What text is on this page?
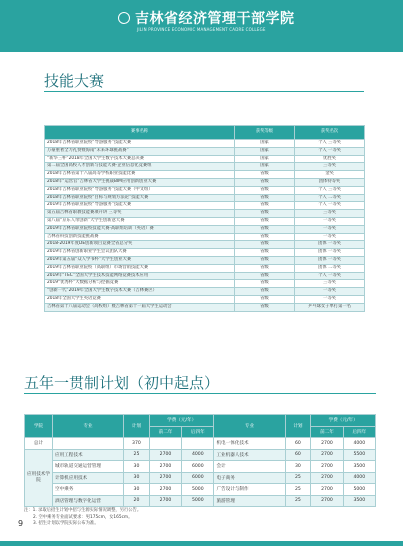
吉林省经济管理干部学院
JILIN PROVINCE ECONOMIC MANAGEMENT CADRE COLLEGE
技能大赛
赛事名称	获奖等级	获奖名次
2018年吉林省职业院校“导游服务”技能大赛	国家	个人 三等奖
万豪重奢全力礼赞暨海南“未来环球挑战赛”	国家	个人 一等奖
“新华三杯”2018年全国大学生数字技术大赛总决赛	国家	优胜奖
第二届全国高校人才创新与技能大赛·企业信息化竞赛组	国家	三等奖
2018年吉林省第十八届高等学校职业技能比赛	省级	金奖
2018年“运营官”吉林省大学生挑战BIM应用创新创业大赛	省级	团体特等奖
2018年吉林省职业院校“导游服务”技能大赛（中文组）	省级	个人 三等奖
2018年吉林省职业院校“目标与规划方法论”技能大赛	省级	个人 二等奖
2019年吉林省职业院校“导游服务”技能大赛	省级	个人 一等奖
第五届吉林省职教技能赛项开讲 三等奖	省级	三等奖
第八届“京东人带创新”大学生创新意大赛	省级	一等奖
2019年吉林省职业院校技能大赛·高职组培训（英语）赛	省级	一等奖
吉林省科技创新技能挑战赛	省级	一等奖
2018-2019年度DE创新项目竞赛全省总分奖	省级	团体 一等奖
2019年吉林省创新职业学生会议团队大赛	省级	团体 一等奖
2019年第五届“众人学书杯”大学生创业大赛	省级	团体 一等奖
2019年吉林省职业院校（高职组）市场营销技能大赛	省级	团体 二等奖
2019年“TEC”全国大学生技术技能网络竞赛技术应用	省级	个人 一等奖
2019“优秀杯”大数据分析与挖掘竞赛	省级	三等奖
“创新一代”2019年全国大学生数字技术大赛（吉林赛区）	省级	一等奖
2018年全国大学生英语竞赛	省级	一等奖
吉林省第十八届运动会（高校组）暨吉林省第十一届大学生运动会	省级	乒乓球女子单打第一名
五年一贯制计划（初中起点）
学院	专业	计划	学费（元/年）		专业	计划	学费（元/年）	
			前二年	后四年			前二年	后四年
总计		370			机电一体化技术	60	2700	4000
应用技术学院	应用工程技术	25	2700	4000	工业机器人技术	60	2700	5500
	城市轨道交通运营管理	30	2700	6000	会计	30	2700	3500
	计算机应用技术	30	2700	6000	电子商务	25	2700	4000
	空中乘务	30	2700	5000	广告设计与制作	25	2700	5000
	酒店管理与数字化运营	20	2700	5000	旅游管理	25	2700	3500
注：1. 录取后招生计划中招与生源实际情况调整，另行公告。
2. 空中乘务专业面试要求：男175cm，女165cm。
3. 招生计划以学院实际公布为准。
9
